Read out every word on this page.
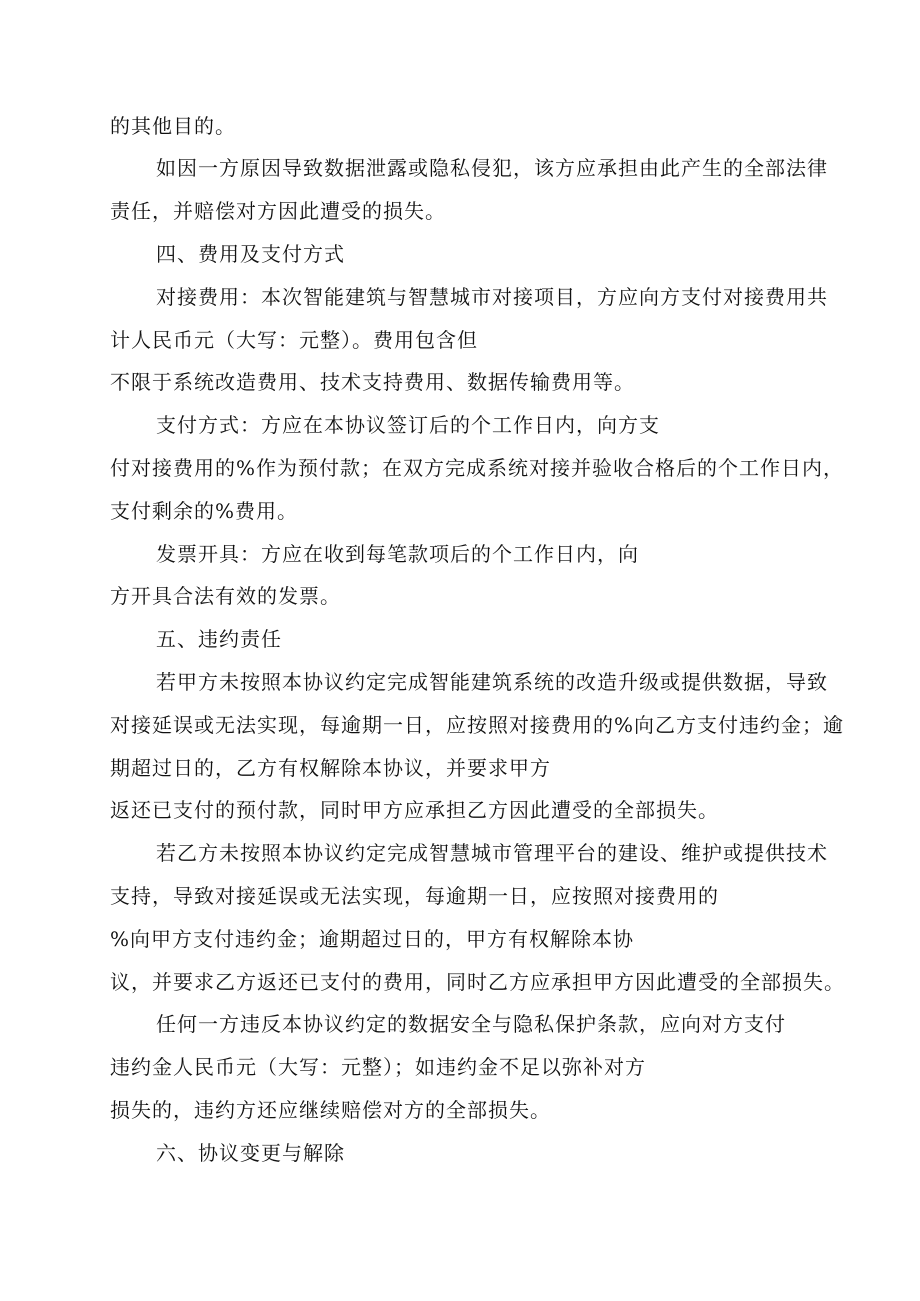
的其他目的。

如因一方原因导致数据泄露或隐私侵犯，该方应承担由此产生的全部法律

责任，并赔偿对方因此遭受的损失。

四、费用及支付方式

对接费用：本次智能建筑与智慧城市对接项目，方应向方支付对接费用共

计人民币元（大写：元整）。费用包含但

不限于系统改造费用、技术支持费用、数据传输费用等。

支付方式：方应在本协议签订后的个工作日内，向方支

付对接费用的%作为预付款；在双方完成系统对接并验收合格后的个工作日内，

支付剩余的%费用。

发票开具：方应在收到每笔款项后的个工作日内，向

方开具合法有效的发票。

五、违约责任

若甲方未按照本协议约定完成智能建筑系统的改造升级或提供数据，导致

对接延误或无法实现，每逾期一日，应按照对接费用的%向乙方支付违约金；逾

期超过日的，乙方有权解除本协议，并要求甲方

返还已支付的预付款，同时甲方应承担乙方因此遭受的全部损失。

若乙方未按照本协议约定完成智慧城市管理平台的建设、维护或提供技术

支持，导致对接延误或无法实现，每逾期一日，应按照对接费用的

%向甲方支付违约金；逾期超过日的，甲方有权解除本协

议，并要求乙方返还已支付的费用，同时乙方应承担甲方因此遭受的全部损失。

任何一方违反本协议约定的数据安全与隐私保护条款，应向对方支付

违约金人民币元（大写：元整）；如违约金不足以弥补对方

损失的，违约方还应继续赔偿对方的全部损失。

六、协议变更与解除
